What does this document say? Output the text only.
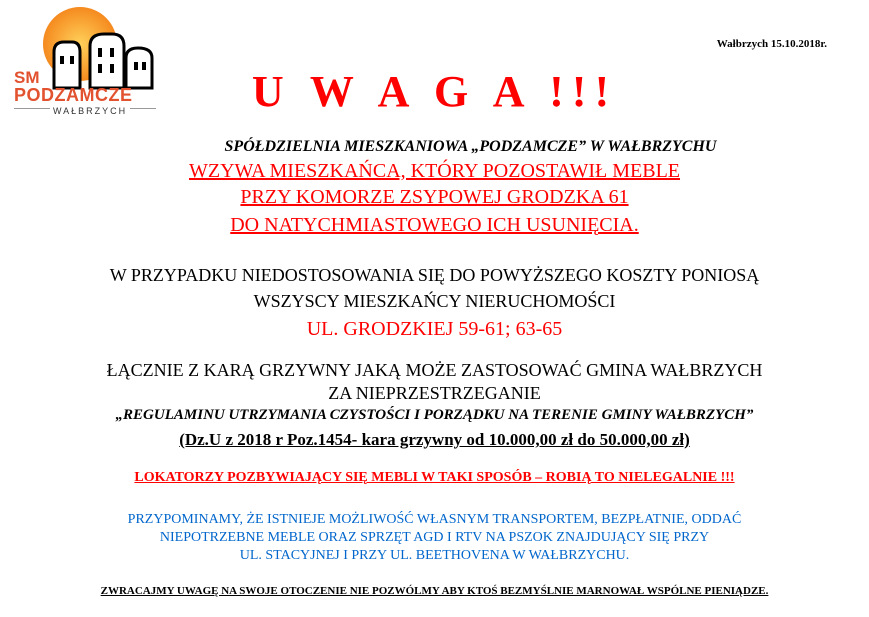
SM
PODZAMCZE
WAŁBRZYCH
Wałbrzych 15.10.2018r.
U W A G A !!!
SPÓŁDZIELNIA MIESZKANIOWA „PODZAMCZE” W WAŁBRZYCHU
WZYWA MIESZKAŃCA, KTÓRY POZOSTAWIŁ MEBLE
PRZY KOMORZE ZSYPOWEJ GRODZKA 61
DO NATYCHMIASTOWEGO ICH USUNIĘCIA.
W PRZYPADKU NIEDOSTOSOWANIA SIĘ DO POWYŻSZEGO KOSZTY PONIOSĄ
WSZYSCY MIESZKAŃCY NIERUCHOMOŚCI
UL. GRODZKIEJ 59-61; 63-65
ŁĄCZNIE Z KARĄ GRZYWNY JAKĄ MOŻE ZASTOSOWAĆ GMINA WAŁBRZYCH
ZA NIEPRZESTRZEGANIE
„REGULAMINU UTRZYMANIA CZYSTOŚCI I PORZĄDKU NA TERENIE GMINY WAŁBRZYCH”
(Dz.U z 2018 r Poz.1454- kara grzywny od 10.000,00 zł do 50.000,00 zł)
LOKATORZY POZBYWIAJĄCY SIĘ MEBLI W TAKI SPOSÓB – ROBIĄ TO NIELEGALNIE !!!
PRZYPOMINAMY, ŻE ISTNIEJE MOŻLIWOŚĆ WŁASNYM TRANSPORTEM, BEZPŁATNIE, ODDAĆ
NIEPOTRZEBNE MEBLE ORAZ SPRZĘT AGD I RTV NA PSZOK ZNAJDUJĄCY SIĘ PRZY
UL. STACYJNEJ I PRZY UL. BEETHOVENA W WAŁBRZYCHU.
ZWRACAJMY UWAGĘ NA SWOJE OTOCZENIE NIE POZWÓLMY ABY KTOŚ BEZMYŚLNIE MARNOWAŁ WSPÓLNE PIENIĄDZE.
